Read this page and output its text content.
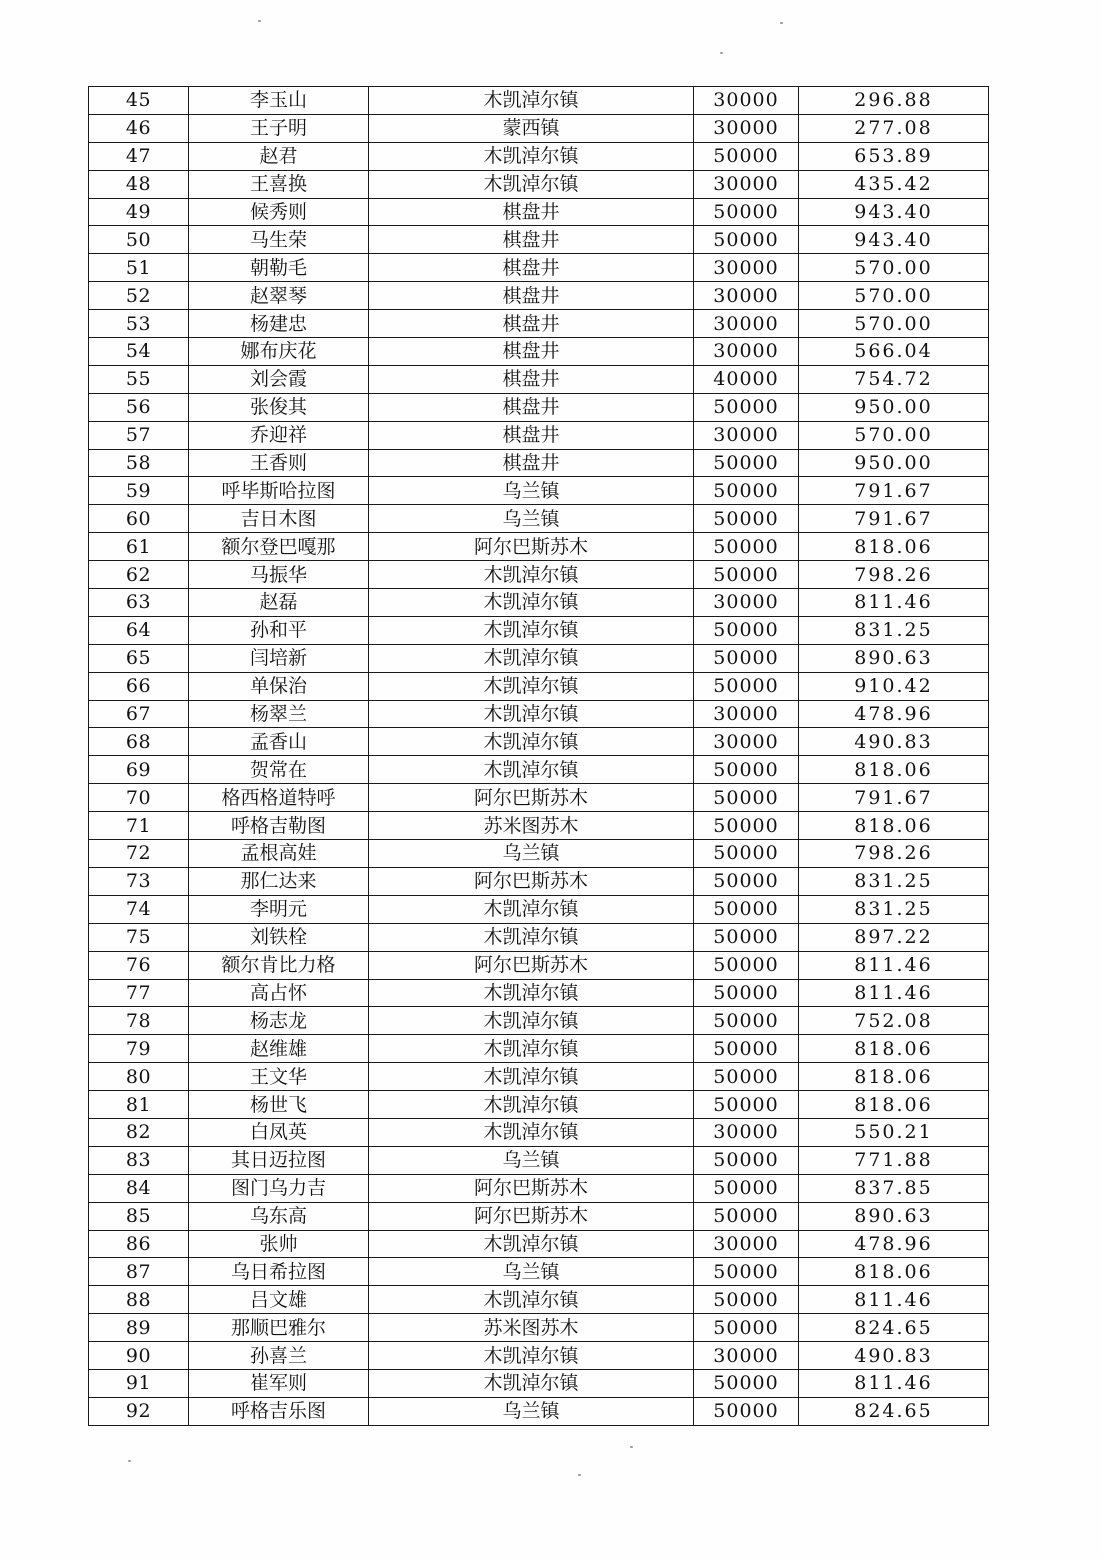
45	李玉山	木凯淖尔镇	30000	296.88
46	王子明	蒙西镇	30000	277.08
47	赵君	木凯淖尔镇	50000	653.89
48	王喜换	木凯淖尔镇	30000	435.42
49	候秀则	棋盘井	50000	943.40
50	马生荣	棋盘井	50000	943.40
51	朝勒毛	棋盘井	30000	570.00
52	赵翠琴	棋盘井	30000	570.00
53	杨建忠	棋盘井	30000	570.00
54	娜布庆花	棋盘井	30000	566.04
55	刘会霞	棋盘井	40000	754.72
56	张俊其	棋盘井	50000	950.00
57	乔迎祥	棋盘井	30000	570.00
58	王香则	棋盘井	50000	950.00
59	呼毕斯哈拉图	乌兰镇	50000	791.67
60	吉日木图	乌兰镇	50000	791.67
61	额尔登巴嘎那	阿尔巴斯苏木	50000	818.06
62	马振华	木凯淖尔镇	50000	798.26
63	赵磊	木凯淖尔镇	30000	811.46
64	孙和平	木凯淖尔镇	50000	831.25
65	闫培新	木凯淖尔镇	50000	890.63
66	单保治	木凯淖尔镇	50000	910.42
67	杨翠兰	木凯淖尔镇	30000	478.96
68	孟香山	木凯淖尔镇	30000	490.83
69	贺常在	木凯淖尔镇	50000	818.06
70	格西格道特呼	阿尔巴斯苏木	50000	791.67
71	呼格吉勒图	苏米图苏木	50000	818.06
72	孟根高娃	乌兰镇	50000	798.26
73	那仁达来	阿尔巴斯苏木	50000	831.25
74	李明元	木凯淖尔镇	50000	831.25
75	刘铁栓	木凯淖尔镇	50000	897.22
76	额尔肯比力格	阿尔巴斯苏木	50000	811.46
77	高占怀	木凯淖尔镇	50000	811.46
78	杨志龙	木凯淖尔镇	50000	752.08
79	赵维雄	木凯淖尔镇	50000	818.06
80	王文华	木凯淖尔镇	50000	818.06
81	杨世飞	木凯淖尔镇	50000	818.06
82	白凤英	木凯淖尔镇	30000	550.21
83	其日迈拉图	乌兰镇	50000	771.88
84	图门乌力吉	阿尔巴斯苏木	50000	837.85
85	乌东高	阿尔巴斯苏木	50000	890.63
86	张帅	木凯淖尔镇	30000	478.96
87	乌日希拉图	乌兰镇	50000	818.06
88	吕文雄	木凯淖尔镇	50000	811.46
89	那顺巴雅尔	苏米图苏木	50000	824.65
90	孙喜兰	木凯淖尔镇	30000	490.83
91	崔军则	木凯淖尔镇	50000	811.46
92	呼格吉乐图	乌兰镇	50000	824.65
